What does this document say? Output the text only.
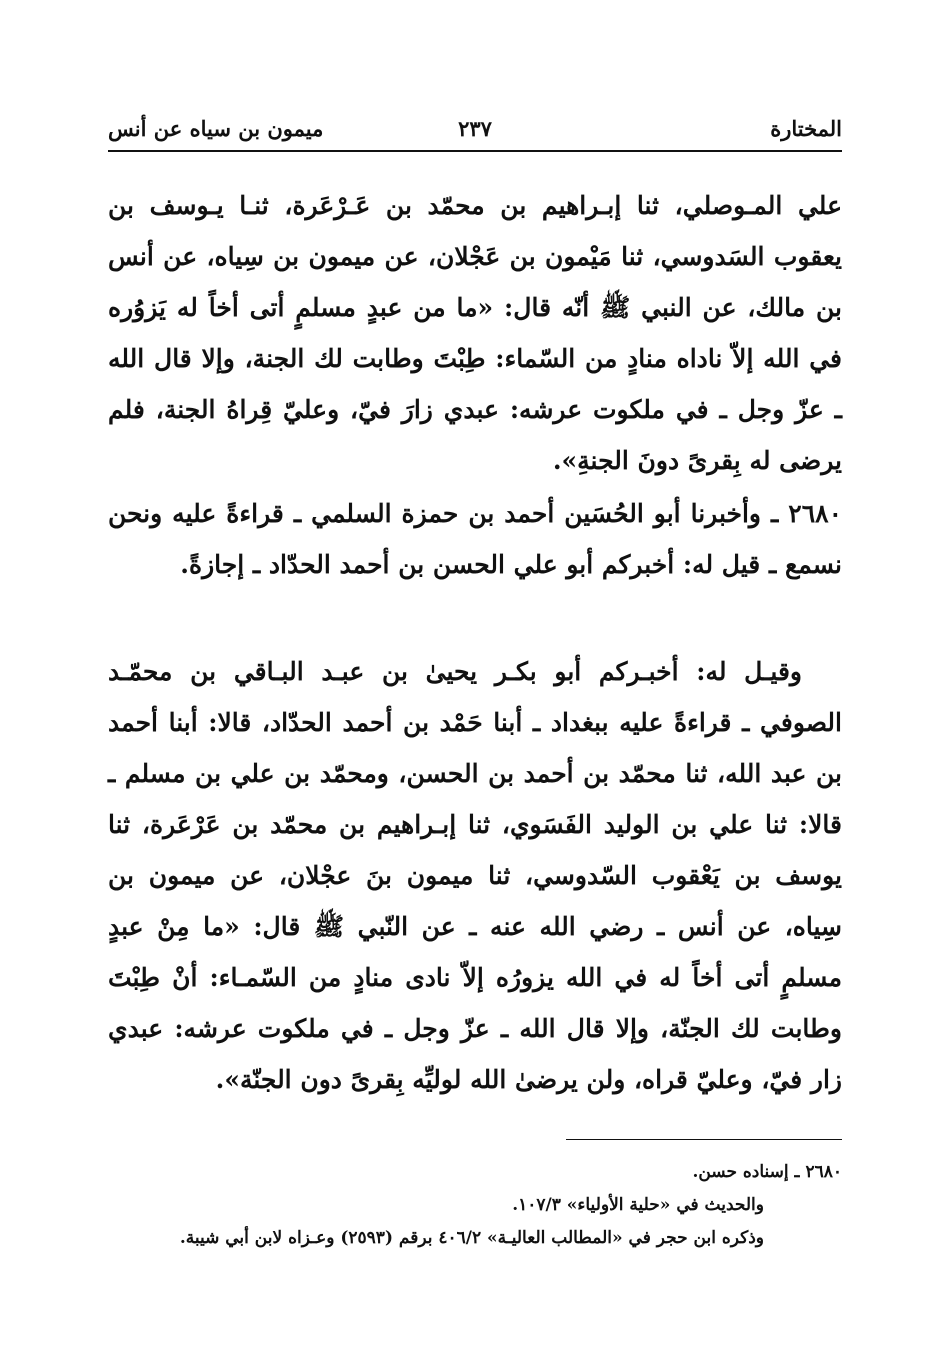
المختارة
٢٣٧
ميمون بن سياه عن أنس

علي المـوصلي، ثنا إبـراهيم بن محمّد بن عَـرْعَرة، ثنـا يـوسف بن يعقوب السَدوسي، ثنا مَيْمون بن عَجْلان، عن ميمون بن سِياه، عن أنس بن مالك، عن النبي ﷺ أنّه قال: «ما من عبدٍ مسلمٍ أتى أخاً له يَزوُره في الله إلاّ ناداه منادٍ من السّماء: طِبْتَ وطابت لك الجنة، وإلا قال الله ـ عزّ وجل ـ في ملكوت عرشه: عبدي زارَ فيّ، وعليّ قِراهُ الجنة، فلم يرضى له بِقرىً دونَ الجنةِ».

٢٦٨٠ ـ وأخبرنا أبو الحُسَين أحمد بن حمزة السلمي ـ قراءةً عليه ونحن نسمع ـ قيل له: أخبركم أبو علي الحسن بن أحمد الحدّاد ـ إجازةً.

وقيـل له: أخبـركم أبو بكـر يحيىٰ بن عبـد البـاقي بن محمّـد الصوفي ـ قراءةً عليه ببغداد ـ أبنا حَمْد بن أحمد الحدّاد، قالا: أبنا أحمد بن عبد الله، ثنا محمّد بن أحمد بن الحسن، ومحمّد بن علي بن مسلم ـ قالا: ثنا علي بن الوليد الفَسَوي، ثنا إبـراهيم بن محمّد بن عَرْعَرة، ثنا يوسف بن يَعْقوب السّدوسي، ثنا ميمون بنَ عجْلان، عن ميمون بن سِياه، عن أنس ـ رضي الله عنه ـ عن النّبي ﷺ قال: «ما مِنْ عبدٍ مسلمٍ أتى أخاً له في الله يزورُه إلاّ نادى منادٍ من السّمـاء: أنْ طِبْتَ وطابت لك الجنّة، وإلا قال الله ـ عزّ وجل ـ في ملكوت عرشه: عبدي زار فيّ، وعليّ قراه، ولن يرضىٰ الله لوليِّه بِقرىً دون الجنّة».

٢٦٨٠ ـ إسناده حسن.
والحديث في «حلية الأولياء» ١٠٧/٣.
وذكره ابن حجر في «المطالب العاليـة» ٤٠٦/٢ برقم (٢٥٩٣) وعـزاه لابن أبي شيبة.
